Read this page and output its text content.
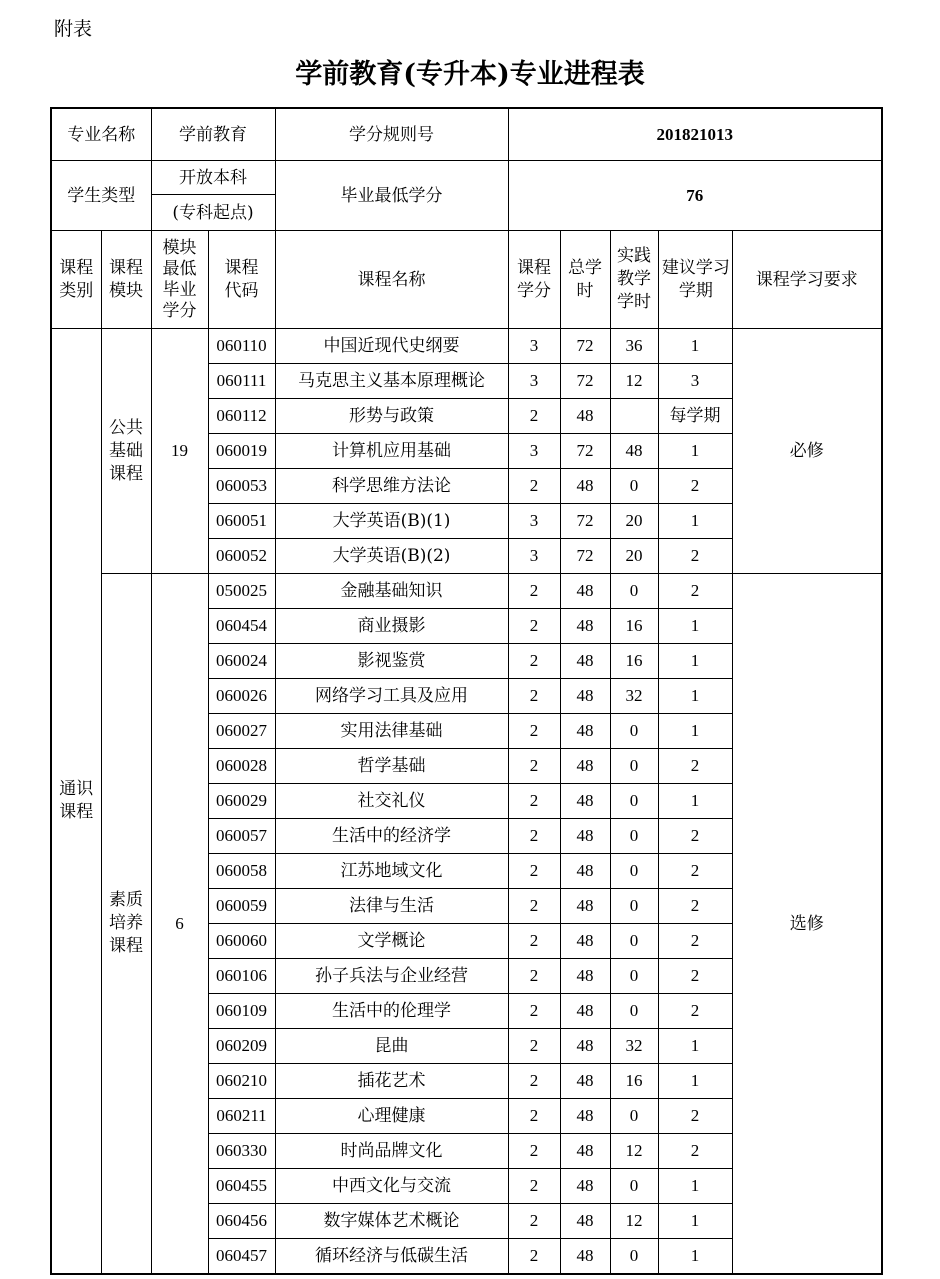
附表
学前教育(专升本)专业进程表
专业名称		学前教育		学分规则号	201821013				
学生类型		开放本科		毕业最低学分	76				
		(专科起点)							
课程类别	课程模块	模块最低毕业学分	课程代码	课程名称	课程学分	总学时	实践教学学时	建议学习学期	课程学习要求
通识课程	公共基础课程	19	060110	中国近现代史纲要	3	72	36	1	必修
			060111	马克思主义基本原理概论	3	72	12	3	
			060112	形势与政策	2	48		每学期	
			060019	计算机应用基础	3	72	48	1	
			060053	科学思维方法论	2	48	0	2	
			060051	大学英语(B)(1)	3	72	20	1	
			060052	大学英语(B)(2)	3	72	20	2	
	素质培养课程	6	050025	金融基础知识	2	48	0	2	选修
			060454	商业摄影	2	48	16	1	
			060024	影视鉴赏	2	48	16	1	
			060026	网络学习工具及应用	2	48	32	1	
			060027	实用法律基础	2	48	0	1	
			060028	哲学基础	2	48	0	2	
			060029	社交礼仪	2	48	0	1	
			060057	生活中的经济学	2	48	0	2	
			060058	江苏地域文化	2	48	0	2	
			060059	法律与生活	2	48	0	2	
			060060	文学概论	2	48	0	2	
			060106	孙子兵法与企业经营	2	48	0	2	
			060109	生活中的伦理学	2	48	0	2	
			060209	昆曲	2	48	32	1	
			060210	插花艺术	2	48	16	1	
			060211	心理健康	2	48	0	2	
			060330	时尚品牌文化	2	48	12	2	
			060455	中西文化与交流	2	48	0	1	
			060456	数字媒体艺术概论	2	48	12	1	
			060457	循环经济与低碳生活	2	48	0	1	
